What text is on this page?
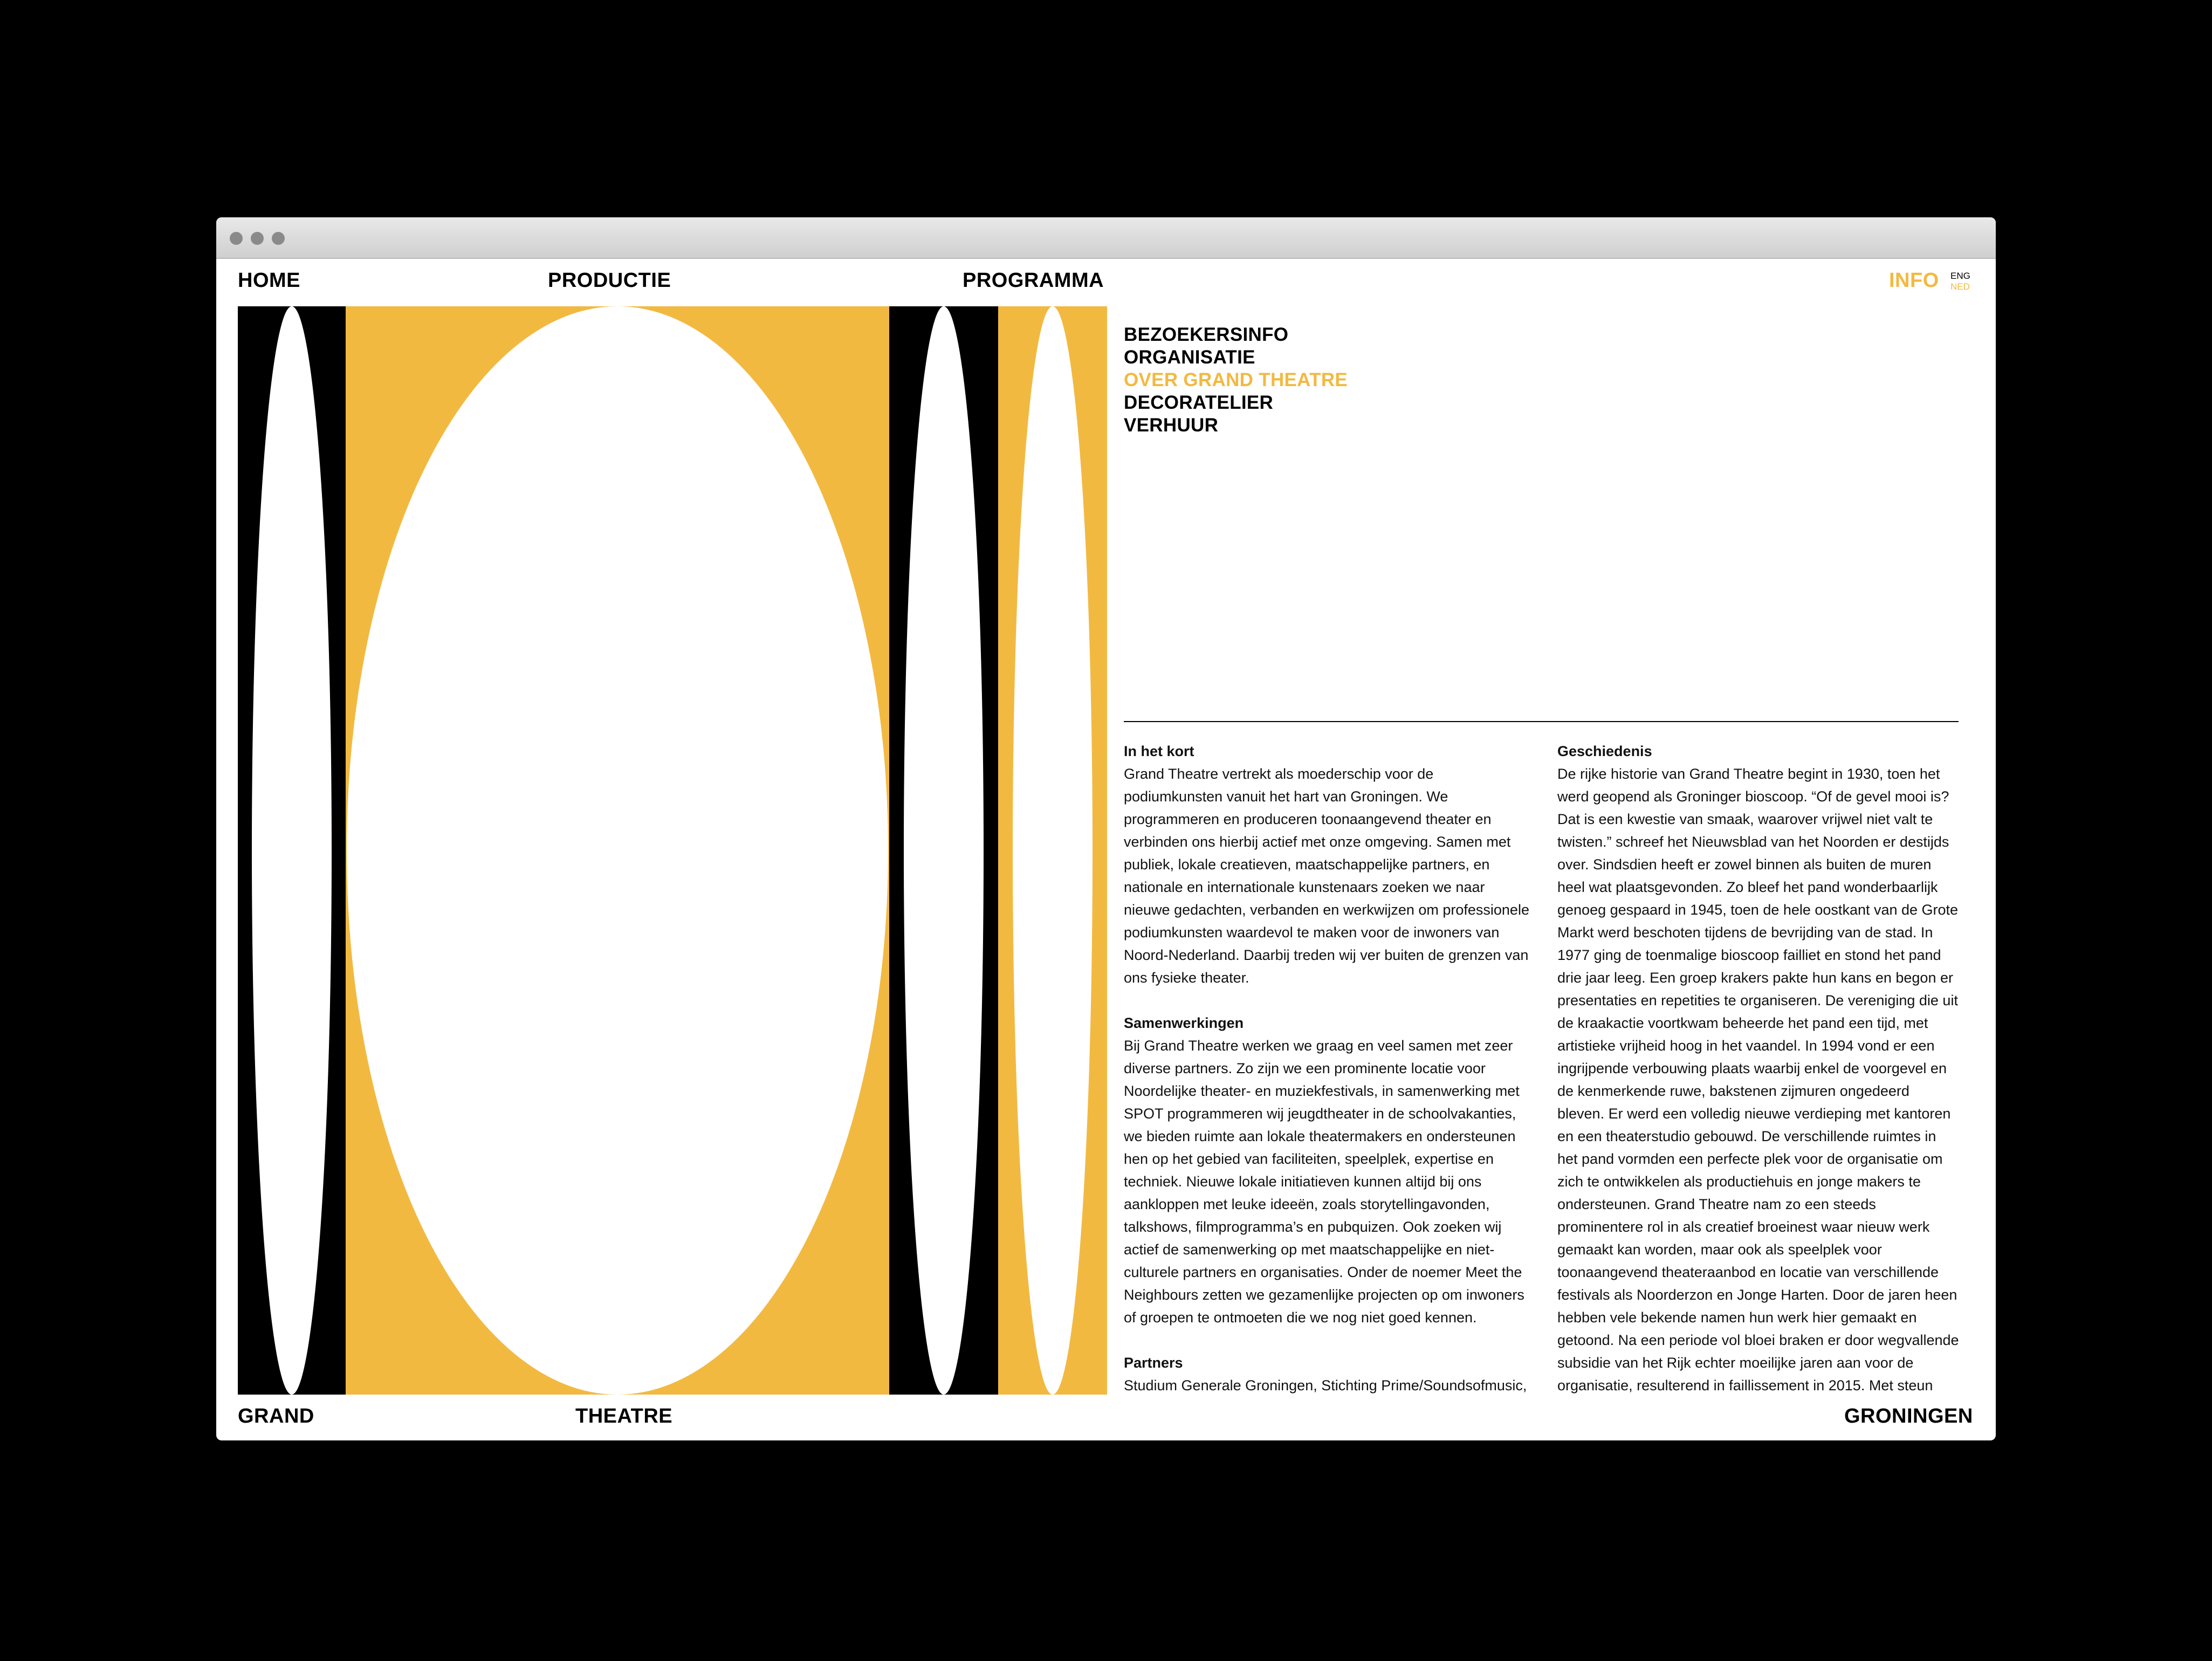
HOME	PRODUCTIE	PROGRAMMA	INFO ENG
NED
BEZOEKERSINFO
ORGANISATIE
OVER GRAND THEATRE
DECORATELIER
VERHUUR
In het kort

Grand Theatre vertrekt als moederschip voor de podiumkunsten vanuit het hart van Groningen. We programmeren en produceren toonaangevend theater en verbinden ons hierbij actief met onze omgeving. Samen met publiek, lokale creatieven, maatschappelijke partners, en nationale en internationale kunstenaars zoeken we naar nieuwe gedachten, verbanden en werkwijzen om professionele podiumkunsten waardevol te maken voor de inwoners van Noord-Nederland. Daarbij treden wij ver buiten de grenzen van ons fysieke theater.

Samenwerkingen

Bij Grand Theatre werken we graag en veel samen met zeer diverse partners. Zo zijn we een prominente locatie voor Noordelijke theater- en muziekfestivals, in samenwerking met SPOT programmeren wij jeugdtheater in de schoolvakanties, we bieden ruimte aan lokale theatermakers en ondersteunen hen op het gebied van faciliteiten, speelplek, expertise en techniek. Nieuwe lokale initiatieven kunnen altijd bij ons aankloppen met leuke ideeën, zoals storytellingavonden, talkshows, filmprogramma’s en pubquizen. Ook zoeken wij actief de samenwerking op met maatschappelijke en niet-culturele partners en organisaties. Onder de noemer Meet the Neighbours zetten we gezamenlijke projecten op om inwoners of groepen te ontmoeten die we nog niet goed kennen.

Partners

Studium Generale Groningen, Stichting Prime/Soundsofmusic,

Geschiedenis

De rijke historie van Grand Theatre begint in 1930, toen het werd geopend als Groninger bioscoop. “Of de gevel mooi is? Dat is een kwestie van smaak, waarover vrijwel niet valt te twisten.” schreef het Nieuwsblad van het Noorden er destijds over. Sindsdien heeft er zowel binnen als buiten de muren heel wat plaatsgevonden. Zo bleef het pand wonderbaarlijk genoeg gespaard in 1945, toen de hele oostkant van de Grote Markt werd beschoten tijdens de bevrijding van de stad. In 1977 ging de toenmalige bioscoop failliet en stond het pand drie jaar leeg. Een groep krakers pakte hun kans en begon er presentaties en repetities te organiseren. De vereniging die uit de kraakactie voortkwam beheerde het pand een tijd, met artistieke vrijheid hoog in het vaandel. In 1994 vond er een ingrijpende verbouwing plaats waarbij enkel de voorgevel en de kenmerkende ruwe, bakstenen zijmuren ongedeerd bleven. Er werd een volledig nieuwe verdieping met kantoren en een theaterstudio gebouwd. De verschillende ruimtes in het pand vormden een perfecte plek voor de organisatie om zich te ontwikkelen als productiehuis en jonge makers te ondersteunen. Grand Theatre nam zo een steeds prominentere rol in als creatief broeinest waar nieuw werk gemaakt kan worden, maar ook als speelplek voor toonaangevend theateraanbod en locatie van verschillende festivals als Noorderzon en Jonge Harten. Door de jaren heen hebben vele bekende namen hun werk hier gemaakt en getoond. Na een periode vol bloei braken er door wegvallende subsidie van het Rijk echter moeilijke jaren aan voor de organisatie, resulterend in faillissement in 2015. Met steun

GRAND	THEATRE	GRONINGEN
